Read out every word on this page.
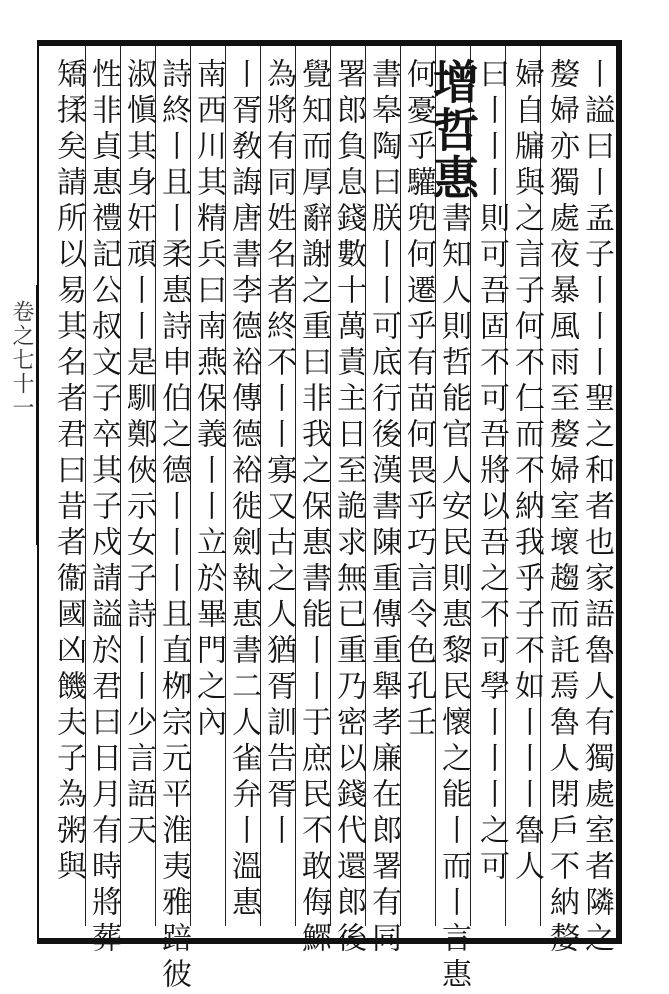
卷之七十一	丨謚曰丨孟子丨丨丨聖之和者也家語魯人有獨處室者隣之
嫠婦亦獨處夜暴風雨至嫠婦室壞趨而託焉魯人閉戶不納嫠
婦自牖與之言子何不仁而不納我乎子不如丨丨丨魯人
曰丨丨丨則可吾固不可吾將以吾之不可學丨丨丨之可
增哲惠書知人則哲能官人安民則惠黎民懷之能丨而丨言惠
何憂乎驩兜何遷乎有苗何畏乎巧言令色孔壬
書皋陶曰朕丨丨可底行後漢書陳重傳重舉孝廉在郎署有同
署郎負息錢數十萬責主日至詭求無已重乃密以錢代還郎後
覺知而厚辭謝之重曰非我之保惠書能丨丨于庶民不敢侮鰥
為將有同姓名者終不丨丨寡又古之人猶胥訓告胥丨
丨胥敎誨唐書李德裕傳德裕徙劍執惠書二人雀弁丨溫惠
南西川其精兵曰南燕保義丨丨立於畢門之內
詩終丨且丨柔惠詩申伯之德丨丨丨且直栁宗元平淮夷雅踣彼
淑愼其身奸頑丨丨是馴鄭俠示女子詩丨丨少言語天
性非貞惠禮記公叔文子卒其子戍請謚於君曰日月有時將葬
矯揉矣請所以易其名者君曰昔者衞國凶饑夫子為粥與
